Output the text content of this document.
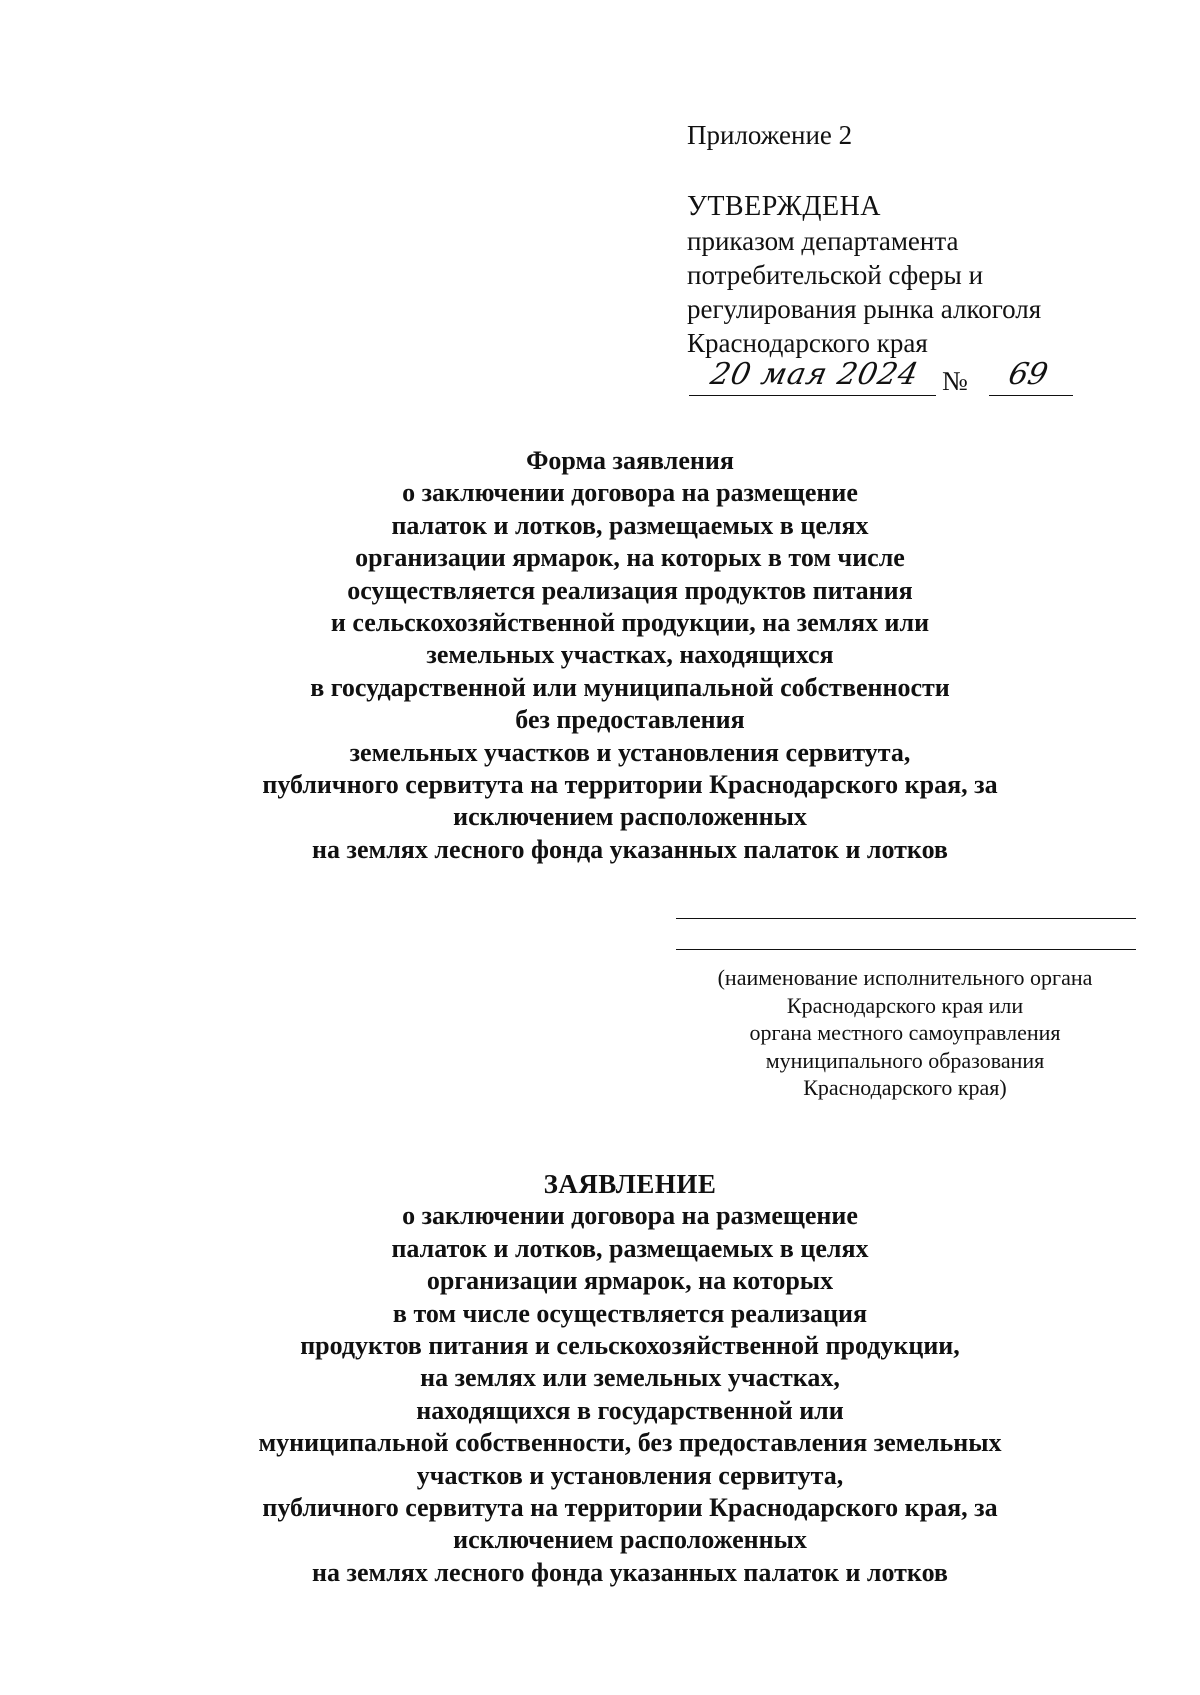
Приложение 2
УТВЕРЖДЕНА
приказом департамента
потребительской сферы и
регулирования рынка алкоголя
Краснодарского края
20 мая 2024 № 69
Форма заявления
о заключении договора на размещение
палаток и лотков, размещаемых в целях
организации ярмарок, на которых в том числе
осуществляется реализация продуктов питания
и сельскохозяйственной продукции, на землях или
земельных участках, находящихся
в государственной или муниципальной собственности
без предоставления
земельных участков и установления сервитута,
публичного сервитута на территории Краснодарского края, за
исключением расположенных
на землях лесного фонда указанных палаток и лотков
(наименование исполнительного органа
Краснодарского края или
органа местного самоуправления
муниципального образования
Краснодарского края)
ЗАЯВЛЕНИЕ
о заключении договора на размещение
палаток и лотков, размещаемых в целях
организации ярмарок, на которых
в том числе осуществляется реализация
продуктов питания и сельскохозяйственной продукции,
на землях или земельных участках,
находящихся в государственной или
муниципальной собственности, без предоставления земельных
участков и установления сервитута,
публичного сервитута на территории Краснодарского края, за
исключением расположенных
на землях лесного фонда указанных палаток и лотков
